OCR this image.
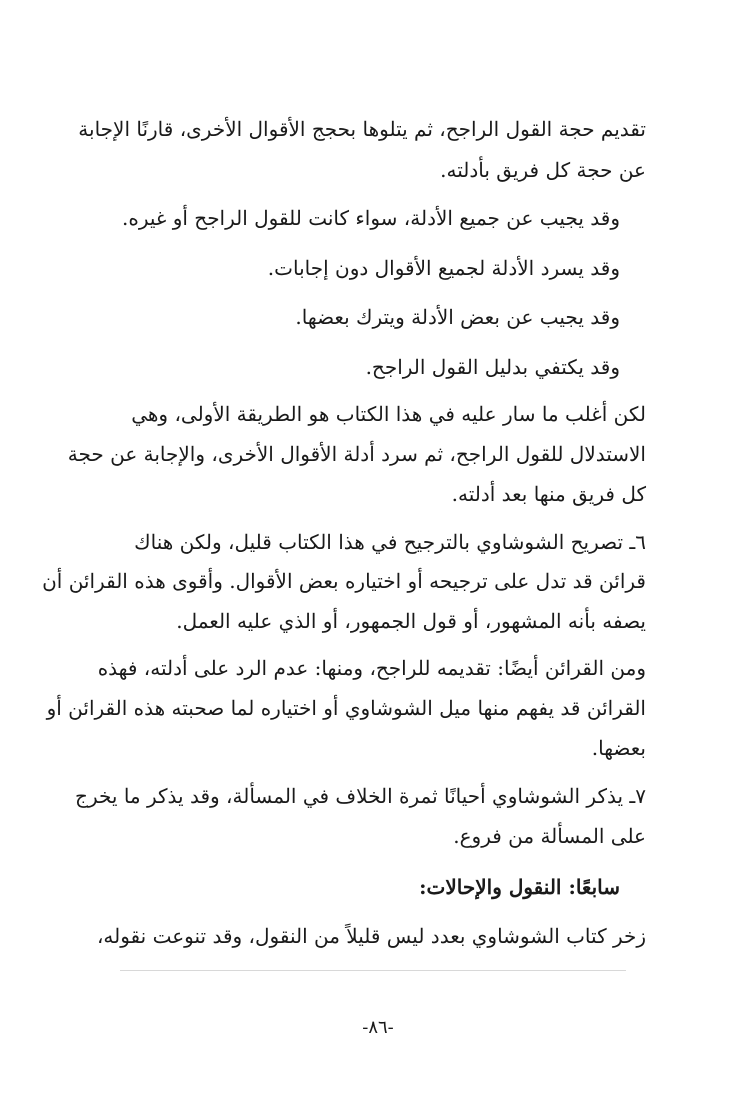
تقديم حجة القول الراجح، ثم يتلوها بحجج الأقوال الأخرى، قارنًا الإجابة
عن حجة كل فريق بأدلته.
وقد يجيب عن جميع الأدلة، سواء كانت للقول الراجح أو غيره.
وقد يسرد الأدلة لجميع الأقوال دون إجابات.
وقد يجيب عن بعض الأدلة ويترك بعضها.
وقد يكتفي بدليل القول الراجح.
لكن أغلب ما سار عليه في هذا الكتاب هو الطريقة الأولى، وهي
الاستدلال للقول الراجح، ثم سرد أدلة الأقوال الأخرى، والإجابة عن حجة
كل فريق منها بعد أدلته.
٦ـ تصريح الشوشاوي بالترجيح في هذا الكتاب قليل، ولكن هناك
قرائن قد تدل على ترجيحه أو اختياره بعض الأقوال. وأقوى هذه القرائن أن
يصفه بأنه المشهور، أو قول الجمهور، أو الذي عليه العمل.
ومن القرائن أيضًا: تقديمه للراجح، ومنها: عدم الرد على أدلته، فهذه
القرائن قد يفهم منها ميل الشوشاوي أو اختياره لما صحبته هذه القرائن أو
بعضها.
٧ـ يذكر الشوشاوي أحيانًا ثمرة الخلاف في المسألة، وقد يذكر ما يخرج
على المسألة من فروع.
سابعًا: النقول والإحالات:
زخر كتاب الشوشاوي بعدد ليس قليلاً من النقول، وقد تنوعت نقوله،
-٨٦-
